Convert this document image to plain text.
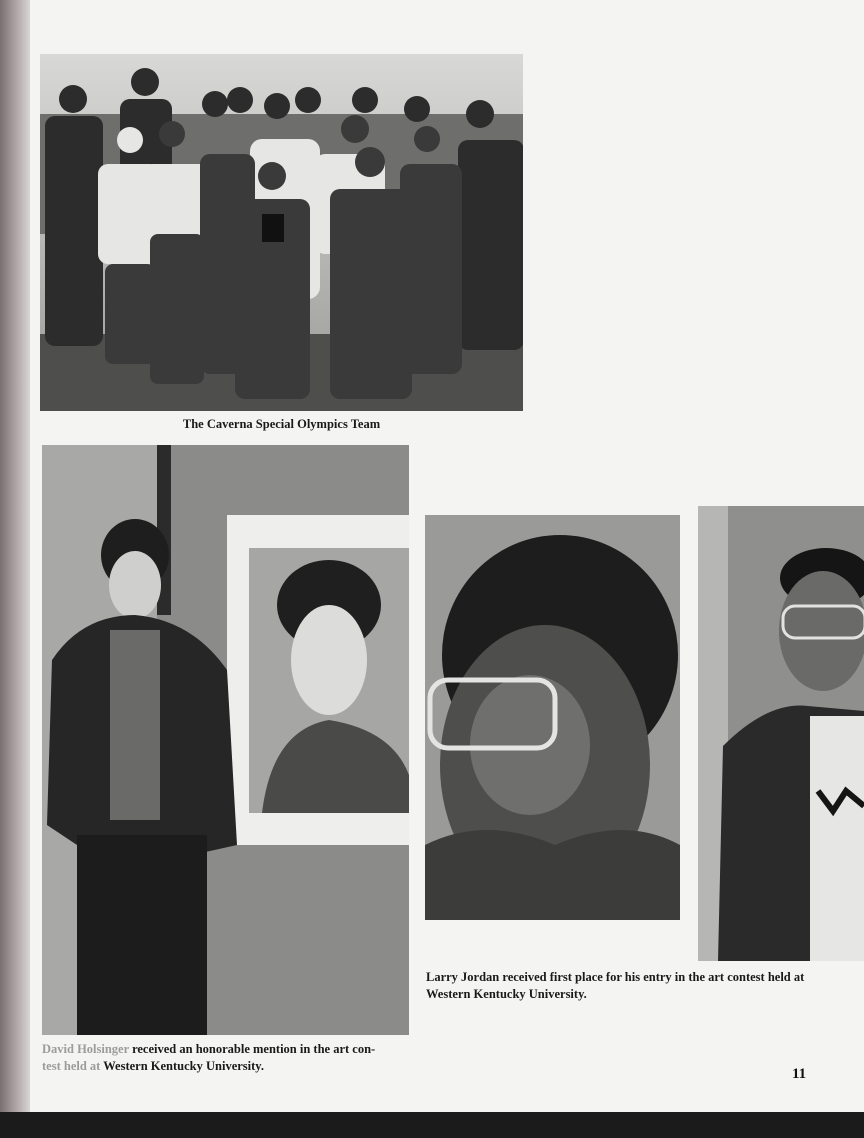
The Caverna Special Olympics Team
David Holsinger received an honorable mention in the art con-
test held at Western Kentucky University.
Larry Jordan received first place for his entry in the art contest held at
Western Kentucky University.
11
